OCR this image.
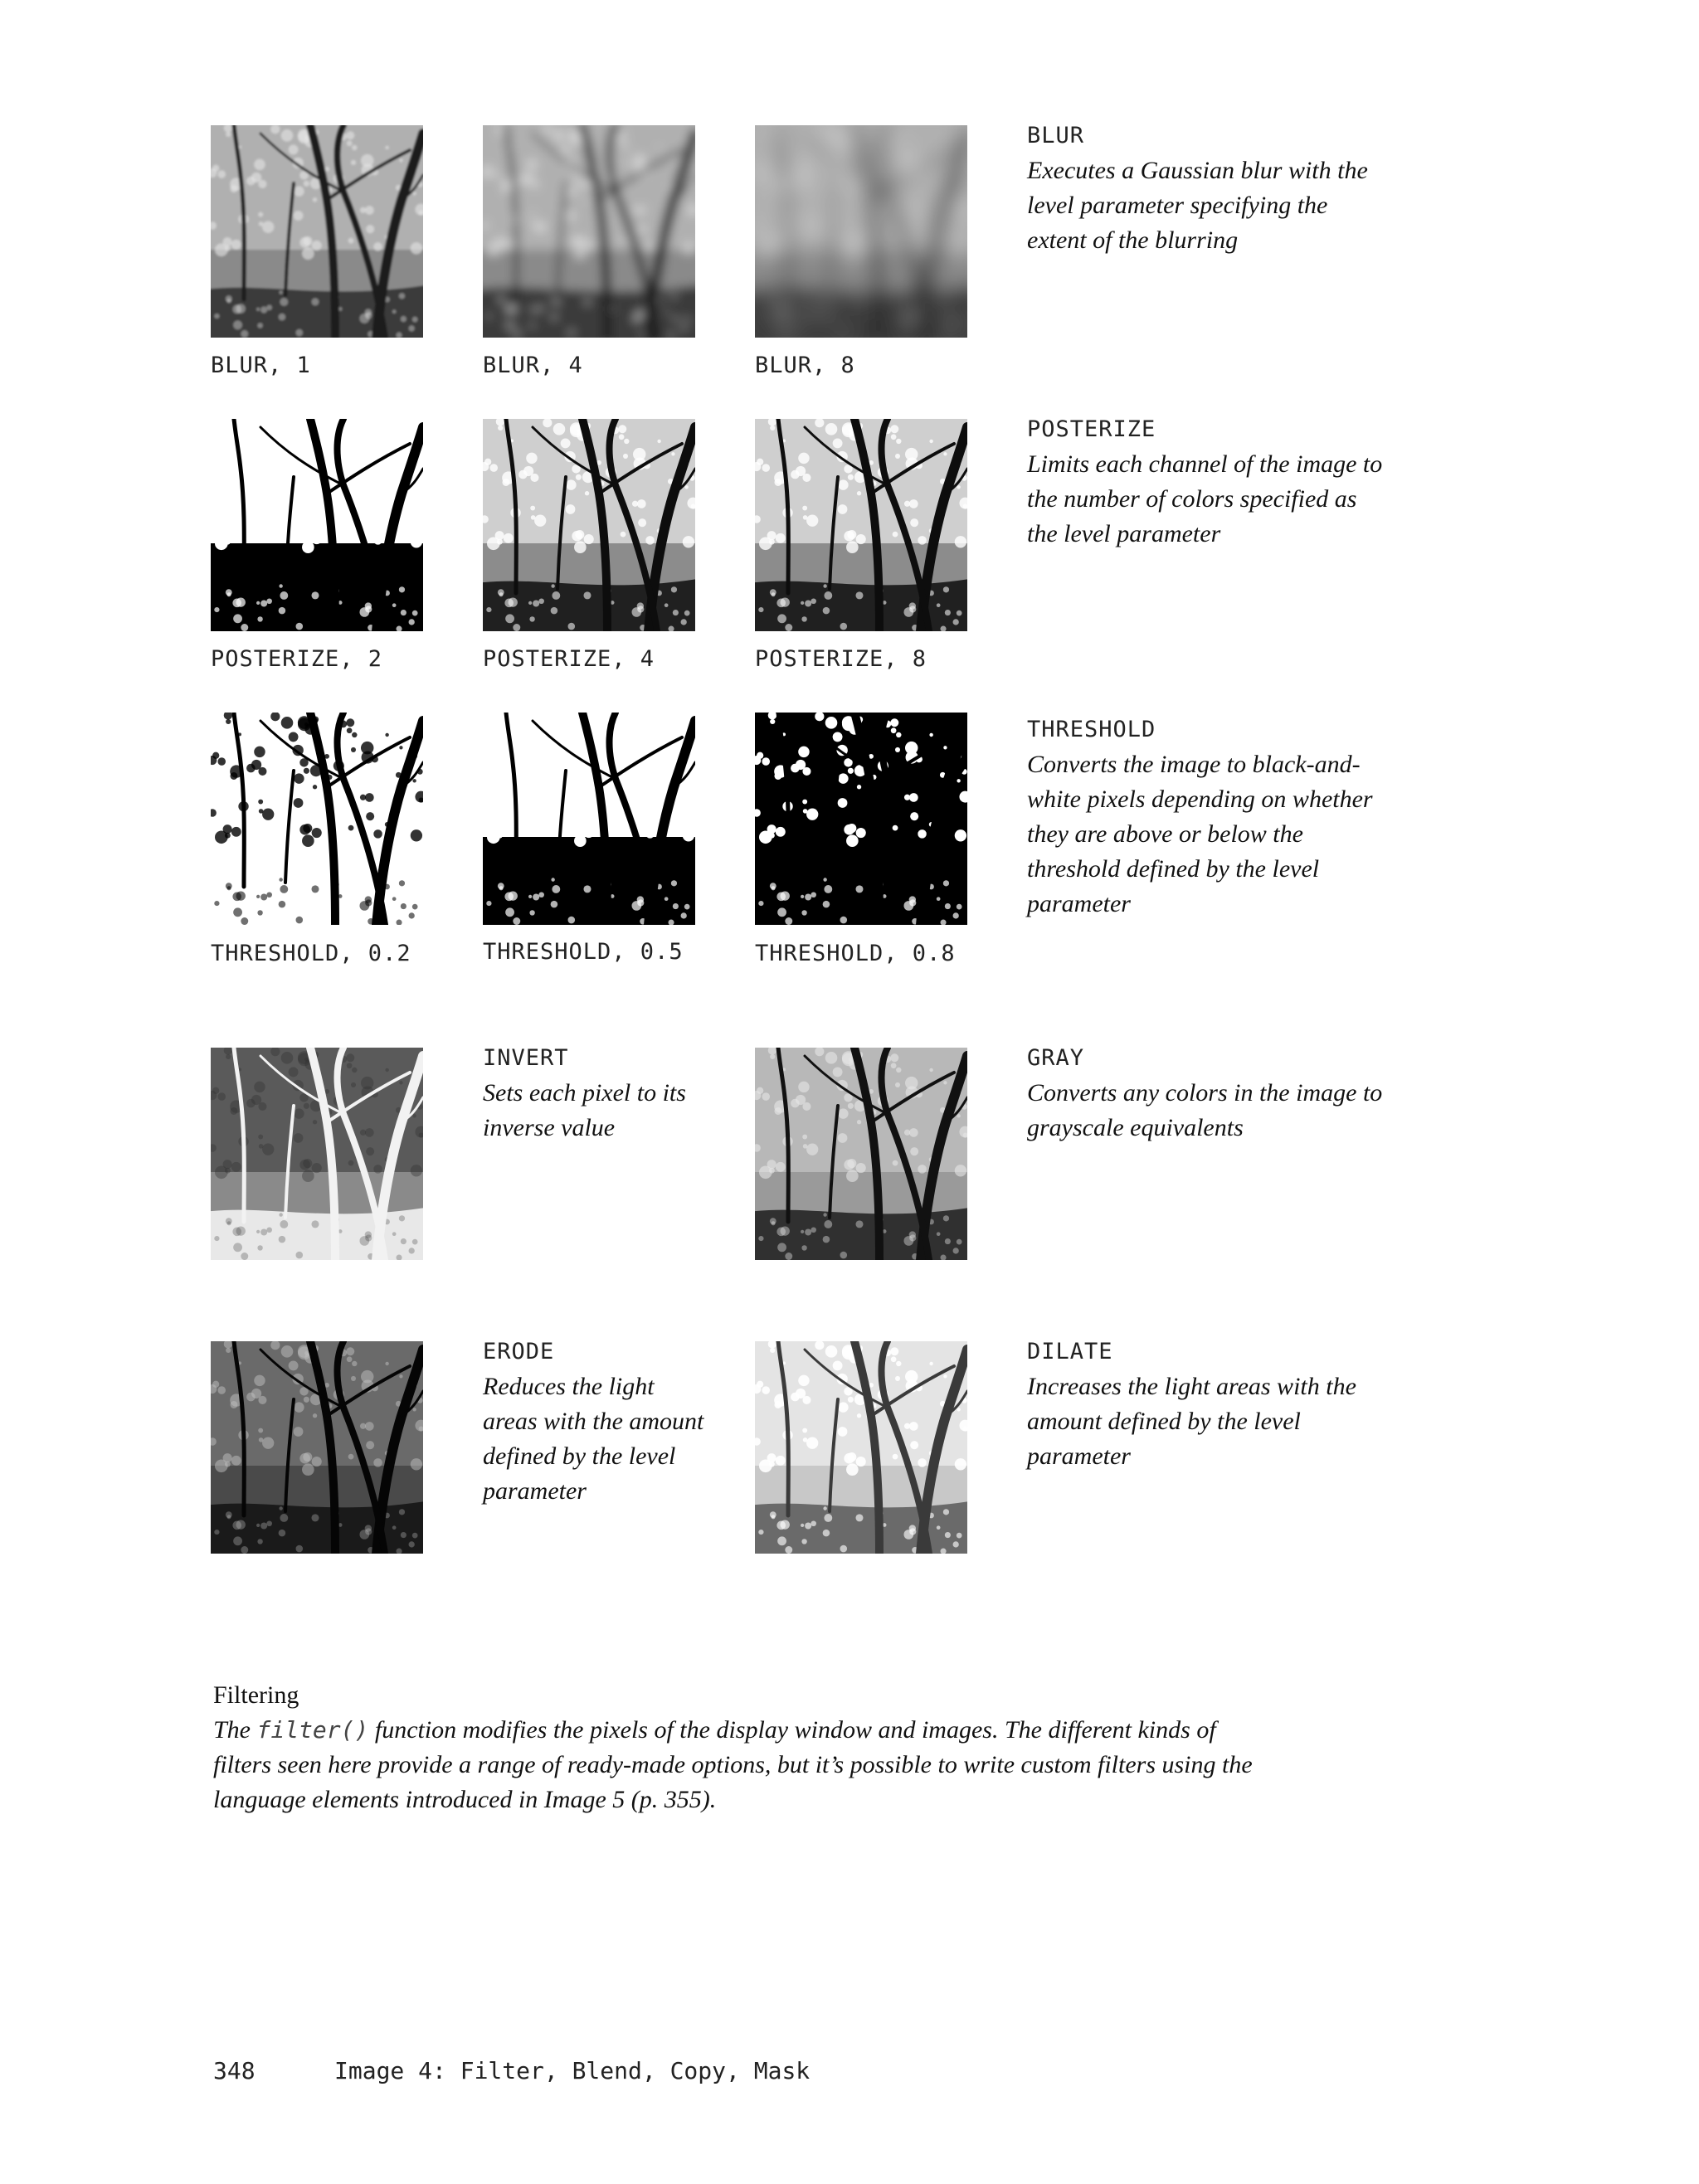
BLUR, 1	BLUR, 4	BLUR, 8
BLUR
Executes a Gaussian blur with the level parameter specifying the extent of the blurring
POSTERIZE, 2	POSTERIZE, 4	POSTERIZE, 8
POSTERIZE
Limits each channel of the image to the number of colors specified as the level parameter
THRESHOLD, 0.2	THRESHOLD, 0.5	THRESHOLD, 0.8
THRESHOLD
Converts the image to black-and-white pixels depending on whether they are above or below the threshold defined by the level parameter
INVERT
Sets each pixel to its inverse value
GRAY
Converts any colors in the image to grayscale equivalents
ERODE
Reduces the light areas with the amount defined by the level parameter
DILATE
Increases the light areas with the amount defined by the level parameter
Filtering
The filter() function modifies the pixels of the display window and images. The different kinds of filters seen here provide a range of ready-made options, but it’s possible to write custom filters using the language elements introduced in Image 5 (p. 355).
348	Image 4: Filter, Blend, Copy, Mask
